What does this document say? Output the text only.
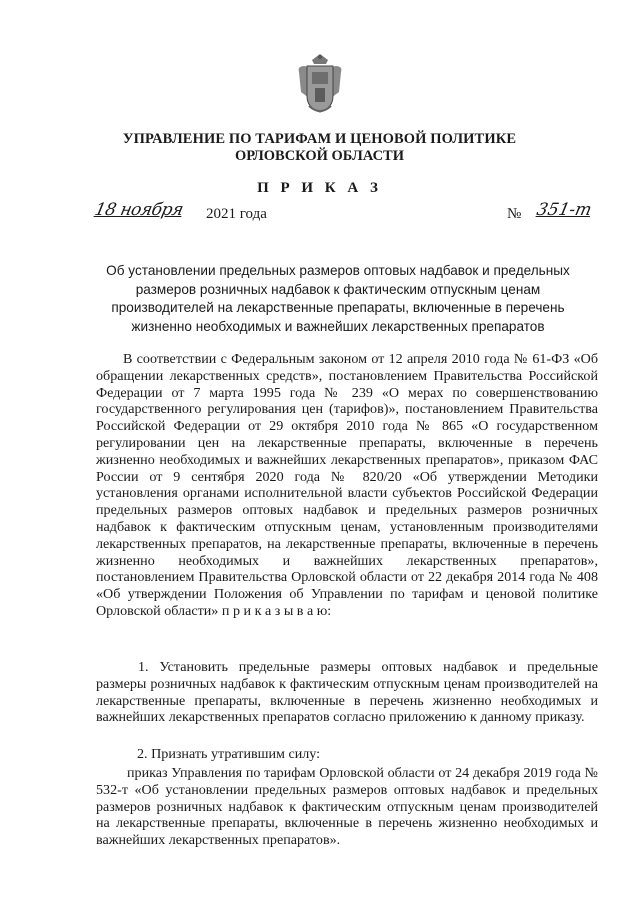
УПРАВЛЕНИЕ ПО ТАРИФАМ И ЦЕНОВОЙ ПОЛИТИКЕ
ОРЛОВСКОЙ ОБЛАСТИ
П Р И К А З
18 ноября 2021 года	№ 351-т
Об установлении предельных размеров оптовых надбавок и предельных размеров розничных надбавок к фактическим отпускным ценам производителей на лекарственные препараты, включенные в перечень жизненно необходимых и важнейших лекарственных препаратов
В соответствии с Федеральным законом от 12 апреля 2010 года № 61-ФЗ «Об обращении лекарственных средств», постановлением Правительства Российской Федерации от 7 марта 1995 года № 239 «О мерах по совершенствованию государственного регулирования цен (тарифов)», постановлением Правительства Российской Федерации от 29 октября 2010 года № 865 «О государственном регулировании цен на лекарственные препараты, включенные в перечень жизненно необходимых и важнейших лекарственных препаратов», приказом ФАС России от 9 сентября 2020 года № 820/20 «Об утверждении Методики установления органами исполнительной власти субъектов Российской Федерации предельных размеров оптовых надбавок и предельных размеров розничных надбавок к фактическим отпускным ценам, установленным производителями лекарственных препаратов, на лекарственные препараты, включенные в перечень жизненно необходимых и важнейших лекарственных препаратов», постановлением Правительства Орловской области от 22 декабря 2014 года № 408 «Об утверждении Положения об Управлении по тарифам и ценовой политике Орловской области» п р и к а з ы в а ю:
1. Установить предельные размеры оптовых надбавок и предельные размеры розничных надбавок к фактическим отпускным ценам производителей на лекарственные препараты, включенные в перечень жизненно необходимых и важнейших лекарственных препаратов согласно приложению к данному приказу.
2. Признать утратившим силу:
приказ Управления по тарифам Орловской области от 24 декабря 2019 года № 532-т «Об установлении предельных размеров оптовых надбавок и предельных размеров розничных надбавок к фактическим отпускным ценам производителей на лекарственные препараты, включенные в перечень жизненно необходимых и важнейших лекарственных препаратов».
